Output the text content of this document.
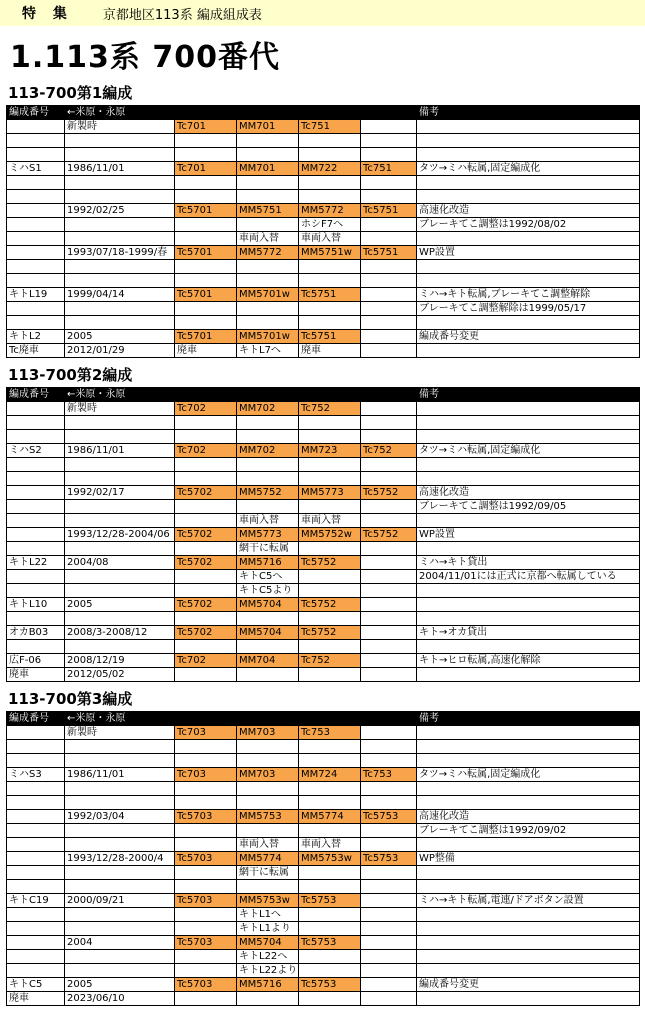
特 集	京都地区113系 編成組成表
1.113系 700番代
113-700第1編成
編成番号	←米原・永原					備考
	新製時	Tc701	MM701	Tc751		

ミハS1	1986/11/01	Tc701	MM701	MM722	Tc751	タツ→ミハ転属,固定編成化

	1992/02/25	Tc5701	MM5751	MM5772	Tc5751	高速化改造
				ホシF7へ		ブレーキてこ調整は1992/08/02
			車両入替	車両入替		
	1993/07/18-1999/春	Tc5701	MM5772	MM5751w	Tc5751	WP設置

キトL19	1999/04/14	Tc5701	MM5701w	Tc5751		ミハ→キト転属,ブレーキてこ調整解除
						ブレーキてこ調整解除は1999/05/17

キトL2	2005	Tc5701	MM5701w	Tc5751		編成番号変更
Tc廃車	2012/01/29	廃車	キトL7へ	廃車		
113-700第2編成
編成番号	←米原・永原					備考
	新製時	Tc702	MM702	Tc752		

ミハS2	1986/11/01	Tc702	MM702	MM723	Tc752	タツ→ミハ転属,固定編成化

	1992/02/17	Tc5702	MM5752	MM5773	Tc5752	高速化改造
						ブレーキてこ調整は1992/09/05
			車両入替	車両入替		
	1993/12/28-2004/06	Tc5702	MM5773	MM5752w	Tc5752	WP設置
			網干に転属			
キトL22	2004/08	Tc5702	MM5716	Tc5752		ミハ→キト貸出
			キトC5へ			2004/11/01には正式に京都へ転属している
			キトC5より			
キトL10	2005	Tc5702	MM5704	Tc5752		

オカB03	2008/3-2008/12	Tc5702	MM5704	Tc5752		キト→オカ貸出

広F-06	2008/12/19	Tc702	MM704	Tc752		キト→ヒロ転属,高速化解除
廃車	2012/05/02					
113-700第3編成
編成番号	←米原・永原					備考
	新製時	Tc703	MM703	Tc753		

ミハS3	1986/11/01	Tc703	MM703	MM724	Tc753	タツ→ミハ転属,固定編成化

	1992/03/04	Tc5703	MM5753	MM5774	Tc5753	高速化改造
						ブレーキてこ調整は1992/09/02
			車両入替	車両入替		
	1993/12/28-2000/4	Tc5703	MM5774	MM5753w	Tc5753	WP整備
			網干に転属			

キトC19	2000/09/21	Tc5703	MM5753w	Tc5753		ミハ→キト転属,電連/ドアボタン設置
			キトL1へ			
			キトL1より			
	2004	Tc5703	MM5704	Tc5753		
			キトL22へ			
			キトL22より			
キトC5	2005	Tc5703	MM5716	Tc5753		編成番号変更
廃車	2023/06/10					
